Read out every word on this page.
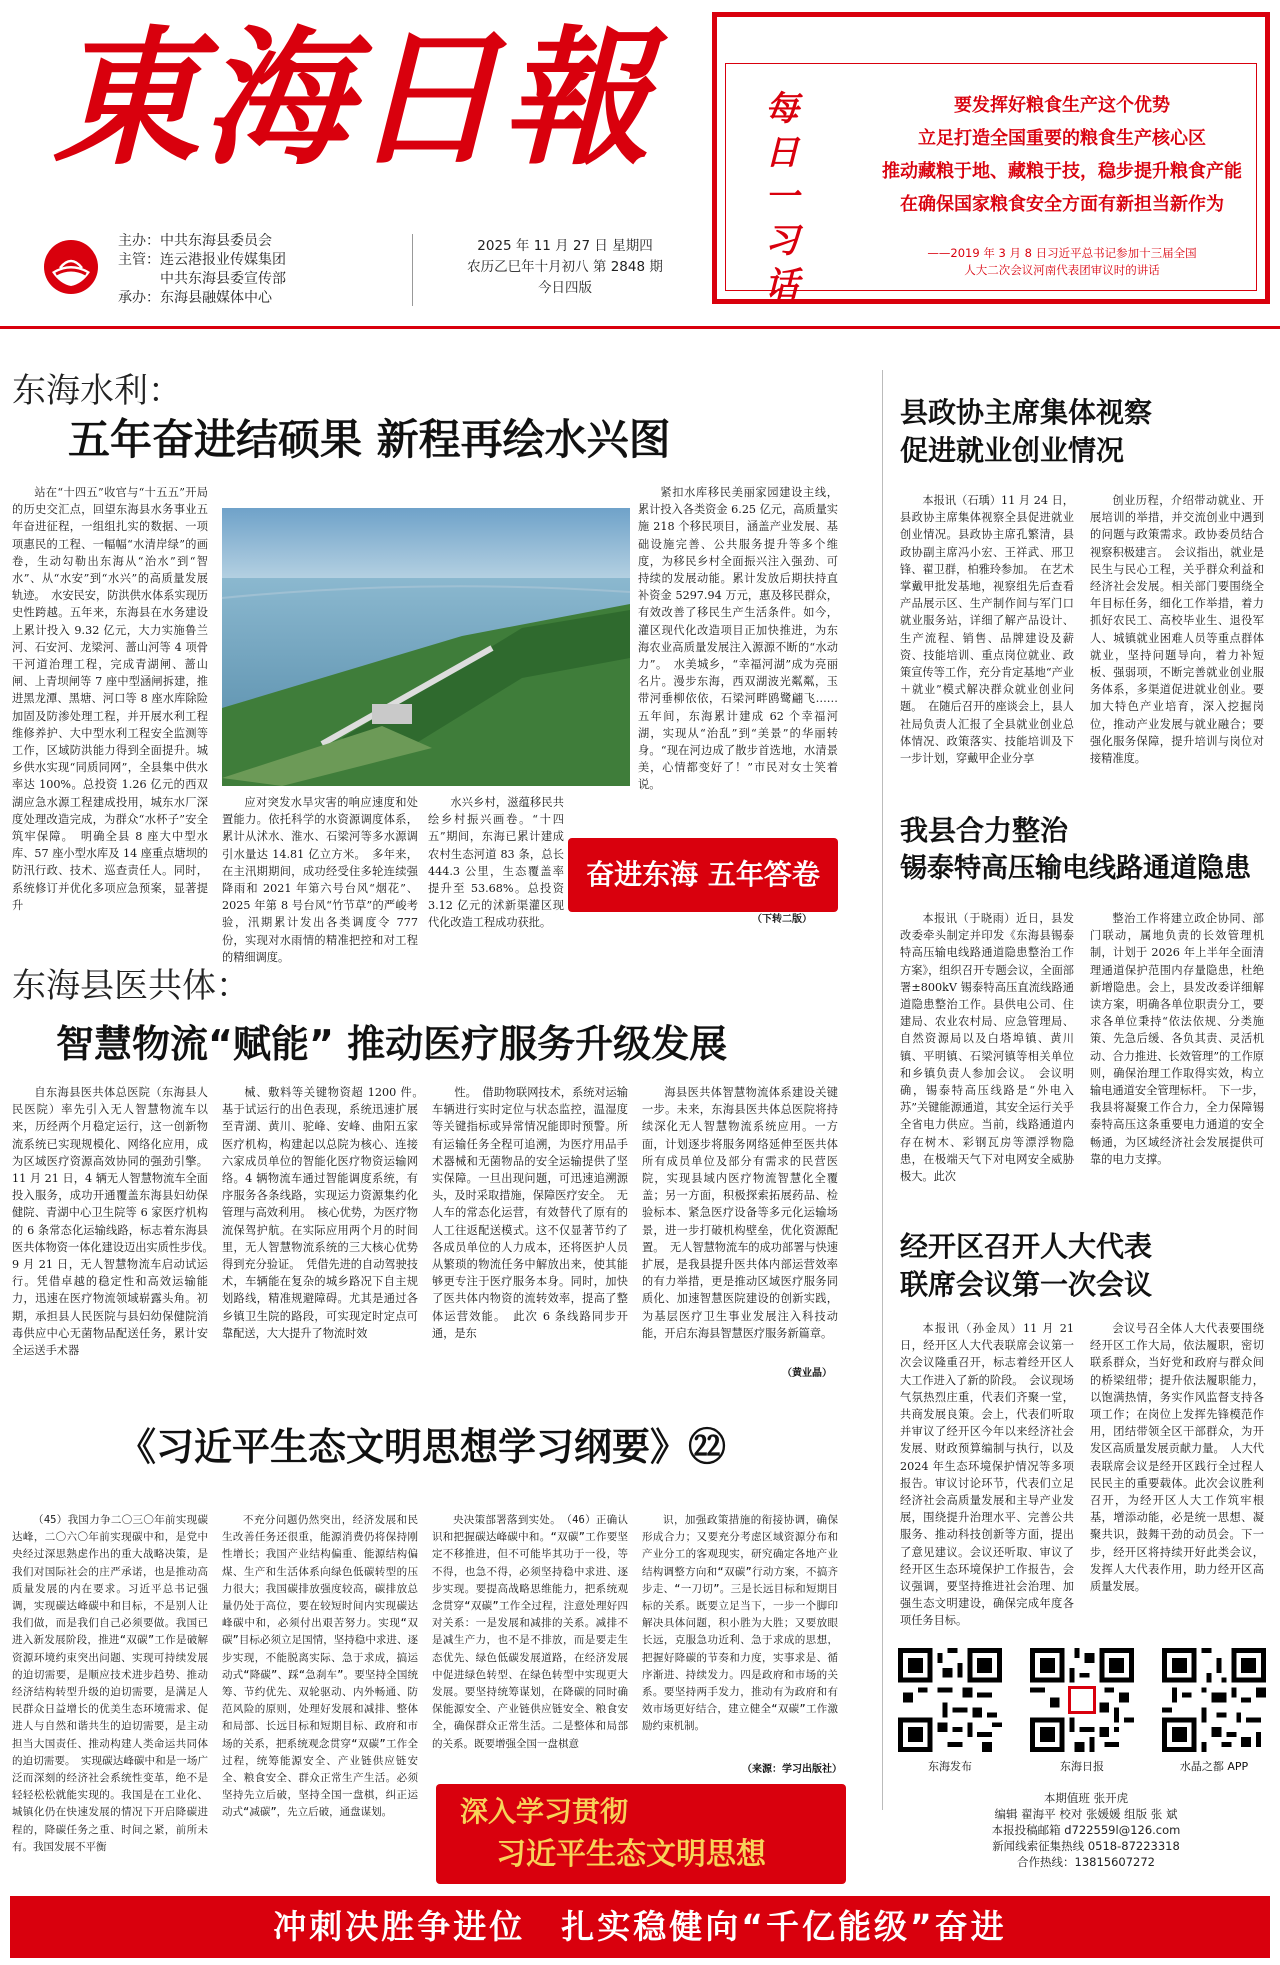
東海日報
主办：中共东海县委员会
主管：连云港报业传媒集团
　　　中共东海县委宣传部
承办：东海县融媒体中心
2025 年 11 月 27 日 星期四
农历乙巳年十月初八 第 2848 期
今日四版
每日一习话
要发挥好粮食生产这个优势
立足打造全国重要的粮食生产核心区
推动藏粮于地、藏粮于技，稳步提升粮食产能
在确保国家粮食安全方面有新担当新作为
——2019 年 3 月 8 日习近平总书记参加十三届全国
人大二次会议河南代表团审议时的讲话
东海水利：
五年奋进结硕果 新程再绘水兴图
站在“十四五”收官与“十五五”开局的历史交汇点，回望东海县水务事业五年奋进征程，一组组扎实的数据、一项项惠民的工程、一幅幅“水清岸绿”的画卷，生动勾勒出东海从“治水”到“智水”、从“水安”到“水兴”的高质量发展轨迹。　水安民安，防洪供水体系实现历史性跨越。五年来，东海县在水务建设上累计投入 9.32 亿元，大力实施鲁兰河、石安河、龙梁河、蔷山河等 4 项骨干河道治理工程，完成青湖闸、蔷山闸、上青坝闸等 7 座中型涵闸拆建，推进黑龙潭、黑塘、河口等 8 座水库除险加固及防渗处理工程，并开展水利工程维修养护、大中型水利工程安全监测等工作，区域防洪能力得到全面提升。城乡供水实现“同质同网”，全县集中供水率达 100%。总投资 1.26 亿元的西双湖应急水源工程建成投用，城东水厂深度处理改造完成，为群众“水杯子”安全筑牢保障。　明确全县 8 座大中型水库、57 座小型水库及 14 座重点塘坝的防汛行政、技术、巡查责任人。同时，系统修订并优化多项应急预案，显著提升
应对突发水旱灾害的响应速度和处置能力。依托科学的水资源调度体系，累计从沭水、淮水、石梁河等多水源调引水量达 14.81 亿立方米。　多年来，在主汛期期间，成功经受住多轮连续强降雨和 2021 年第六号台风“烟花”、2025 年第 8 号台风“竹节草”的严峻考验，汛期累计发出各类调度令 777 份，实现对水雨情的精准把控和对工程的精细调度。
水兴乡村，滋蕴移民共绘乡村振兴画卷。“十四五”期间，东海已累计建成农村生态河道 83 条，总长 444.3 公里，生态覆盖率提升至 53.68%。总投资 3.12 亿元的沭新渠灌区现代化改造工程成功获批。
紧扣水库移民美丽家园建设主线，累计投入各类资金 6.25 亿元，高质量实施 218 个移民项目，涵盖产业发展、基础设施完善、公共服务提升等多个维度，为移民乡村全面振兴注入强劲、可持续的发展动能。累计发放后期扶持直补资金 5297.94 万元，惠及移民群众，有效改善了移民生产生活条件。如今，灌区现代化改造项目正加快推进，为东海农业高质量发展注入源源不断的“水动力”。　水美城乡，“幸福河湖”成为亮丽名片。漫步东海，西双湖波光粼粼，玉带河垂柳依依，石梁河畔鸥鹭翩飞……五年间，东海累计建成 62 个幸福河湖，实现从“治乱”到“美景”的华丽转身。“现在河边成了散步首选地，水清景美，心情都变好了！”市民对女士笑着说。
（下转二版）
奋进东海 五年答卷
东海县医共体：
智慧物流“赋能” 推动医疗服务升级发展
自东海县医共体总医院（东海县人民医院）率先引入无人智慧物流车以来，历经两个月稳定运行，这一创新物流系统已实现规模化、网络化应用，成为区域医疗资源高效协同的强劲引擎。11 月 21 日，4 辆无人智慧物流车全面投入服务，成功开通覆盖东海县妇幼保健院、青湖中心卫生院等 6 家医疗机构的 6 条常态化运输线路，标志着东海县医共体物资一体化建设迈出实质性步伐。　9 月 21 日，无人智慧物流车启动试运行。凭借卓越的稳定性和高效运输能力，迅速在医疗物流领域崭露头角。初期，承担县人民医院与县妇幼保健院消毒供应中心无菌物品配送任务，累计安全运送手术器
械、敷料等关键物资超 1200 件。　基于试运行的出色表现，系统迅速扩展至青湖、黄川、驼峰、安峰、曲阳五家医疗机构，构建起以总院为核心、连接六家成员单位的智能化医疗物资运输网络。4 辆物流车通过智能调度系统，有序服务各条线路，实现运力资源集约化管理与高效利用。　核心优势，为医疗物流保驾护航。在实际应用两个月的时间里，无人智慧物流系统的三大核心优势得到充分验证。　凭借先进的自动驾驶技术，车辆能在复杂的城乡路况下自主规划路线，精准规避障碍。尤其是通过各乡镇卫生院的路段，可实现定时定点可靠配送，大大提升了物流时效
性。　借助物联网技术，系统对运输车辆进行实时定位与状态监控，温湿度等关键指标或异常情况能即时预警。所有运输任务全程可追溯，为医疗用品手术器械和无菌物品的安全运输提供了坚实保障。一旦出现问题，可迅速追溯源头，及时采取措施，保障医疗安全。　无人车的常态化运营，有效替代了原有的人工往返配送模式。这不仅显著节约了各成员单位的人力成本，还将医护人员从繁琐的物流任务中解放出来，使其能够更专注于医疗服务本身。同时，加快了医共体内物资的流转效率，提高了整体运营效能。　此次 6 条线路同步开通，是东
海县医共体智慧物流体系建设关键一步。未来，东海县医共体总医院将持续深化无人智慧物流系统应用。一方面，计划逐步将服务网络延伸至医共体所有成员单位及部分有需求的民营医院，实现县域内医疗物流智慧化全覆盖；另一方面，积极探索拓展药品、检验标本、紧急医疗设备等多元化运输场景，进一步打破机构壁垒，优化资源配置。　无人智慧物流车的成功部署与快速扩展，是我县提升医共体内部运营效率的有力举措，更是推动区域医疗服务同质化、加速智慧医院建设的创新实践，为基层医疗卫生事业发展注入科技动能，开启东海县智慧医疗服务新篇章。
（黄业晶）
《习近平生态文明思想学习纲要》㉒
（45）我国力争二〇三〇年前实现碳达峰，二〇六〇年前实现碳中和，是党中央经过深思熟虑作出的重大战略决策，是我们对国际社会的庄严承诺，也是推动高质量发展的内在要求。习近平总书记强调，实现碳达峰碳中和目标，不是别人让我们做，而是我们自己必须要做。我国已进入新发展阶段，推进“双碳”工作是破解资源环境约束突出问题、实现可持续发展的迫切需要，是顺应技术进步趋势、推动经济结构转型升级的迫切需要，是满足人民群众日益增长的优美生态环境需求、促进人与自然和谐共生的迫切需要，是主动担当大国责任、推动构建人类命运共同体的迫切需要。　实现碳达峰碳中和是一场广泛而深刻的经济社会系统性变革，绝不是轻轻松松就能实现的。我国是在工业化、城镇化仍在快速发展的情况下开启降碳进程的，降碳任务之重、时间之紧，前所未有。我国发展不平衡
不充分问题仍然突出，经济发展和民生改善任务还很重，能源消费仍将保持刚性增长；我国产业结构偏重、能源结构偏煤、生产和生活体系向绿色低碳转型的压力很大；我国碳排放强度较高，碳排放总量仍处于高位，要在较短时间内实现碳达峰碳中和，必须付出艰苦努力。实现“双碳”目标必须立足国情，坚持稳中求进、逐步实现，不能脱离实际、急于求成，搞运动式“降碳”、踩“急刹车”。要坚持全国统筹、节约优先、双轮驱动、内外畅通、防范风险的原则，处理好发展和减排、整体和局部、长远目标和短期目标、政府和市场的关系，把系统观念贯穿“双碳”工作全过程，统筹能源安全、产业链供应链安全、粮食安全、群众正常生产生活。必须坚持先立后破，坚持全国一盘棋，纠正运动式“减碳”，先立后破，通盘谋划。
央决策部署落到实处。　（46）正确认识和把握碳达峰碳中和。“双碳”工作要坚定不移推进，但不可能毕其功于一役，等不得，也急不得，必须坚持稳中求进、逐步实现。要提高战略思维能力，把系统观念贯穿“双碳”工作全过程，注意处理好四对关系：一是发展和减排的关系。减排不是减生产力，也不是不排放，而是要走生态优先、绿色低碳发展道路，在经济发展中促进绿色转型、在绿色转型中实现更大发展。要坚持统筹谋划，在降碳的同时确保能源安全、产业链供应链安全、粮食安全，确保群众正常生活。二是整体和局部的关系。既要增强全国一盘棋意
识，加强政策措施的衔接协调，确保形成合力；又要充分考虑区域资源分布和产业分工的客观现实，研究确定各地产业结构调整方向和“双碳”行动方案，不搞齐步走、“一刀切”。三是长远目标和短期目标的关系。既要立足当下，一步一个脚印解决具体问题，积小胜为大胜；又要放眼长远，克服急功近利、急于求成的思想，把握好降碳的节奏和力度，实事求是、循序渐进、持续发力。四是政府和市场的关系。要坚持两手发力，推动有为政府和有效市场更好结合，建立健全“双碳”工作激励约束机制。
（来源：学习出版社）
深入学习贯彻
习近平生态文明思想
县政协主席集体视察
促进就业创业情况
本报讯（石瑀）11 月 24 日，县政协主席集体视察全县促进就业创业情况。县政协主席孔繁清，县政协副主席冯小宏、王祥武、邢卫锋、翟卫群，柏雅玲参加。　在艺术掌戴甲批发基地，视察组先后查看产品展示区、生产制作间与军门口就业服务站，详细了解产品设计、生产流程、销售、品牌建设及薪资、技能培训、重点岗位就业、政策宣传等工作，充分肯定基地“产业＋就业”模式解决群众就业创业问题。　在随后召开的座谈会上，县人社局负责人汇报了全县就业创业总体情况、政策落实、技能培训及下一步计划，穿戴甲企业分享
创业历程，介绍带动就业、开展培训的举措，并交流创业中遇到的问题与政策需求。政协委员结合视察积极建言。　会议指出，就业是民生与民心工程，关乎群众利益和经济社会发展。相关部门要围绕全年目标任务，细化工作举措，着力抓好农民工、高校毕业生、退役军人、城镇就业困难人员等重点群体就业，坚持问题导向，着力补短板、强弱项，不断完善就业创业服务体系，多渠道促进就业创业。要加大特色产业培育，深入挖掘岗位，推动产业发展与就业融合；要强化服务保障，提升培训与岗位对接精准度。
我县合力整治
锡泰特高压输电线路通道隐患
本报讯（于晓雨）近日，县发改委牵头制定并印发《东海县锡泰特高压输电线路通道隐患整治工作方案》，组织召开专题会议，全面部署±800kV 锡泰特高压直流线路通道隐患整治工作。县供电公司、住建局、农业农村局、应急管理局、自然资源局以及白塔埠镇、黄川镇、平明镇、石梁河镇等相关单位和乡镇负责人参加会议。　会议明确，锡泰特高压线路是“外电入苏”关键能源通道，其安全运行关乎全省电力供应。当前，线路通道内存在树木、彩钢瓦房等漂浮物隐患，在极端天气下对电网安全威胁极大。此次
整治工作将建立政企协同、部门联动，属地负责的长效管理机制，计划于 2026 年上半年全面清理通道保护范围内存量隐患，杜绝新增隐患。会上，县发改委详细解读方案，明确各单位职责分工，要求各单位秉持“依法依规、分类施策、先急后缓、各负其责、灵活机动、合力推进、长效管理”的工作原则，确保治理工作取得实效，构立输电通道安全管理标杆。　下一步，我县将凝聚工作合力，全力保障锡泰特高压这条重要电力通道的安全畅通，为区域经济社会发展提供可靠的电力支撑。
经开区召开人大代表
联席会议第一次会议
本报讯（孙金凤）11 月 21 日，经开区人大代表联席会议第一次会议隆重召开，标志着经开区人大工作进入了新的阶段。　会议现场气氛热烈庄重，代表们齐聚一堂，共商发展良策。会上，代表们听取并审议了经开区今年以来经济社会发展、财政预算编制与执行，以及 2024 年生态环境保护情况等多项报告。审议讨论环节，代表们立足经济社会高质量发展和主导产业发展，围绕提升治理水平、完善公共服务、推动科技创新等方面，提出了意见建议。会议还听取、审议了经开区生态环境保护工作报告，会议强调，要坚持推进社会治理、加强生态文明建设，确保完成年度各项任务目标。
会议号召全体人大代表要围绕经开区工作大局，依法履职，密切联系群众，当好党和政府与群众间的桥梁纽带；提升依法履职能力，以饱满热情，务实作风监督支持各项工作；在岗位上发挥先锋模范作用，团结带领全区干部群众，为开发区高质量发展贡献力量。　人大代表联席会议是经开区践行全过程人民民主的重要载体。此次会议胜利召开，为经开区人大工作筑牢根基，增添动能，必是统一思想、凝聚共识，鼓舞干劲的动员会。下一步，经开区将持续开好此类会议，发挥人大代表作用，助力经开区高质量发展。
东海发布	东海日报	水晶之都 APP
本期值班 张开虎
编辑 翟海平 校对 张媛媛 组版 张 斌
本报投稿邮箱 d722559l@126.com
新闻线索征集热线 0518-87223318
合作热线：13815607272
冲刺决胜争进位　扎实稳健向“千亿能级”奋进
